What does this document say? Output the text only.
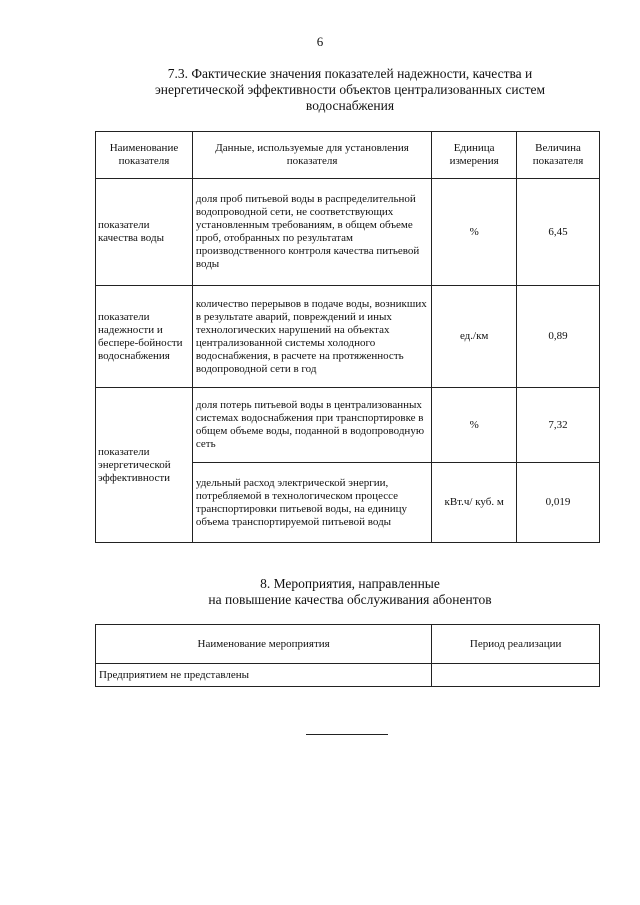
6
7.3. Фактические значения показателей надежности, качества и
энергетической эффективности объектов централизованных систем
водоснабжения
Наименование показателя	Данные, используемые для установления показателя	Единица измерения	Величина показателя
показатели качества воды	доля проб питьевой воды в распределительной водопроводной сети, не соответствующих установленным требованиям, в общем объеме проб, отобранных по результатам производственного контроля качества питьевой воды	%	6,45
показатели надежности и беспере-бойности водоснабжения	количество перерывов в подаче воды, возникших в результате аварий, повреждений и иных технологических нарушений на объектах централизованной системы холодного водоснабжения, в расчете на протяженность водопроводной сети в год	ед./км	0,89
показатели энергетической эффективности	доля потерь питьевой воды в централизованных системах водоснабжения при транспортировке в общем объеме воды, поданной в водопроводную сеть	%	7,32
	удельный расход электрической энергии, потребляемой в технологическом процессе транспортировки питьевой воды, на единицу объема транспортируемой питьевой воды	кВт.ч/ куб. м	0,019
8. Мероприятия, направленные
на повышение качества обслуживания абонентов
Наименование мероприятия	Период реализации
Предприятием не представлены	
